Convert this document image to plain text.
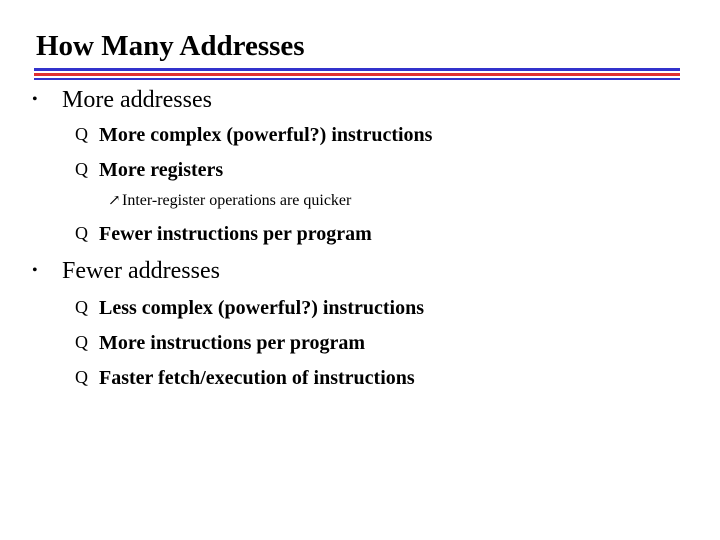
How Many Addresses
• More addresses
Q More complex (powerful?) instructions
Q More registers
↗Inter-register operations are quicker
Q Fewer instructions per program
• Fewer addresses
Q Less complex (powerful?) instructions
Q More instructions per program
Q Faster fetch/execution of instructions
